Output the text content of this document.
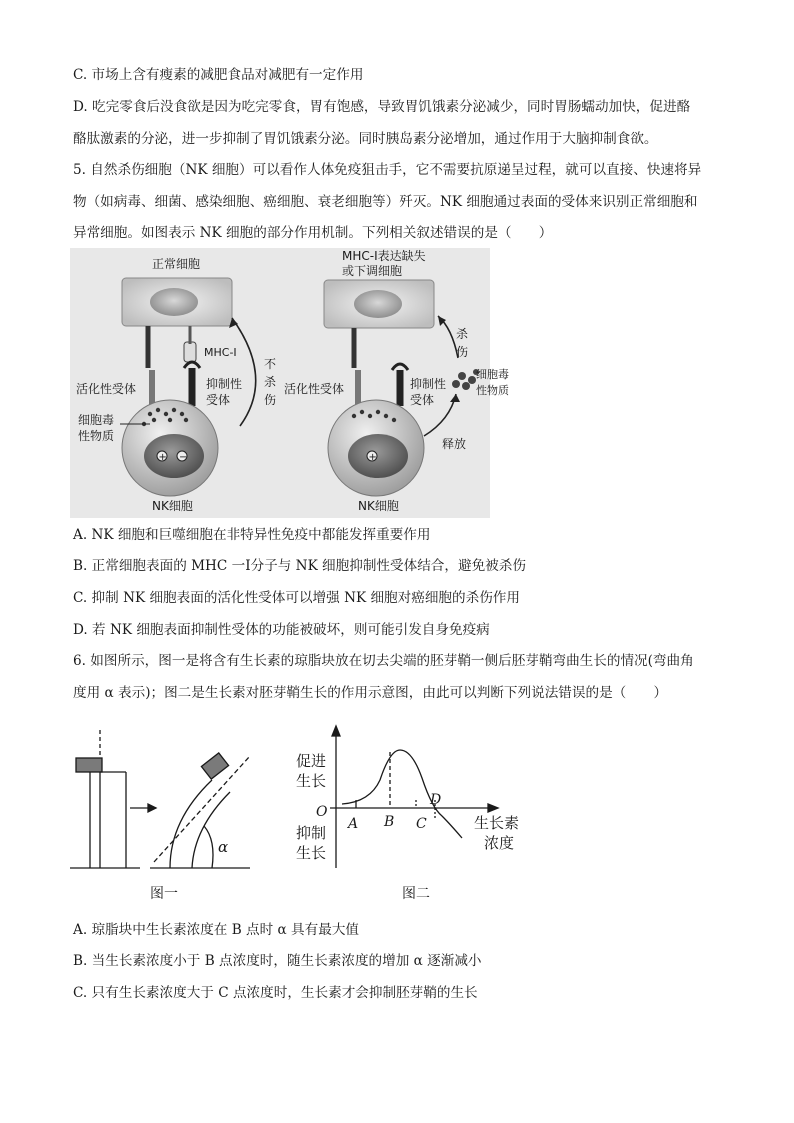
C. 市场上含有瘦素的减肥食品对减肥有一定作用
D. 吃完零食后没食欲是因为吃完零食，胃有饱感，导致胃饥饿素分泌减少，同时胃肠蠕动加快，促进酪
酪肽激素的分泌，进一步抑制了胃饥饿素分泌。同时胰岛素分泌增加，通过作用于大脑抑制食欲。
5. 自然杀伤细胞（NK 细胞）可以看作人体免疫狙击手，它不需要抗原递呈过程，就可以直接、快速将异
物（如病毒、细菌、感染细胞、癌细胞、衰老细胞等）歼灭。NK 细胞通过表面的受体来识别正常细胞和
异常细胞。如图表示 NK 细胞的部分作用机制。下列相关叙述错误的是（　　）
正常细胞
MHC-Ⅰ
不
杀
伤
活化性受体	抑制性
受体
+ −
细胞毒
性物质
NK细胞
MHC-Ⅰ表达缺失
或下调细胞
活化性受体	抑制性
受体
杀
伤
细胞毒
性物质
释放
+
NK细胞
A. NK 细胞和巨噬细胞在非特异性免疫中都能发挥重要作用
B. 正常细胞表面的 MHC 一Ⅰ分子与 NK 细胞抑制性受体结合，避免被杀伤
C. 抑制 NK 细胞表面的活化性受体可以增强 NK 细胞对癌细胞的杀伤作用
D. 若 NK 细胞表面抑制性受体的功能被破坏，则可能引发自身免疫病
6. 如图所示，图一是将含有生长素的琼脂块放在切去尖端的胚芽鞘一侧后胚芽鞘弯曲生长的情况(弯曲角
度用 α 表示)；图二是生长素对胚芽鞘生长的作用示意图，由此可以判断下列说法错误的是（　　）
α
图一
促进
生长
抑制
生长
O
A B C
D
生长素
浓度
图二
A. 琼脂块中生长素浓度在 B 点时 α 具有最大值
B. 当生长素浓度小于 B 点浓度时，随生长素浓度的增加 α 逐渐减小
C. 只有生长素浓度大于 C 点浓度时，生长素才会抑制胚芽鞘的生长
